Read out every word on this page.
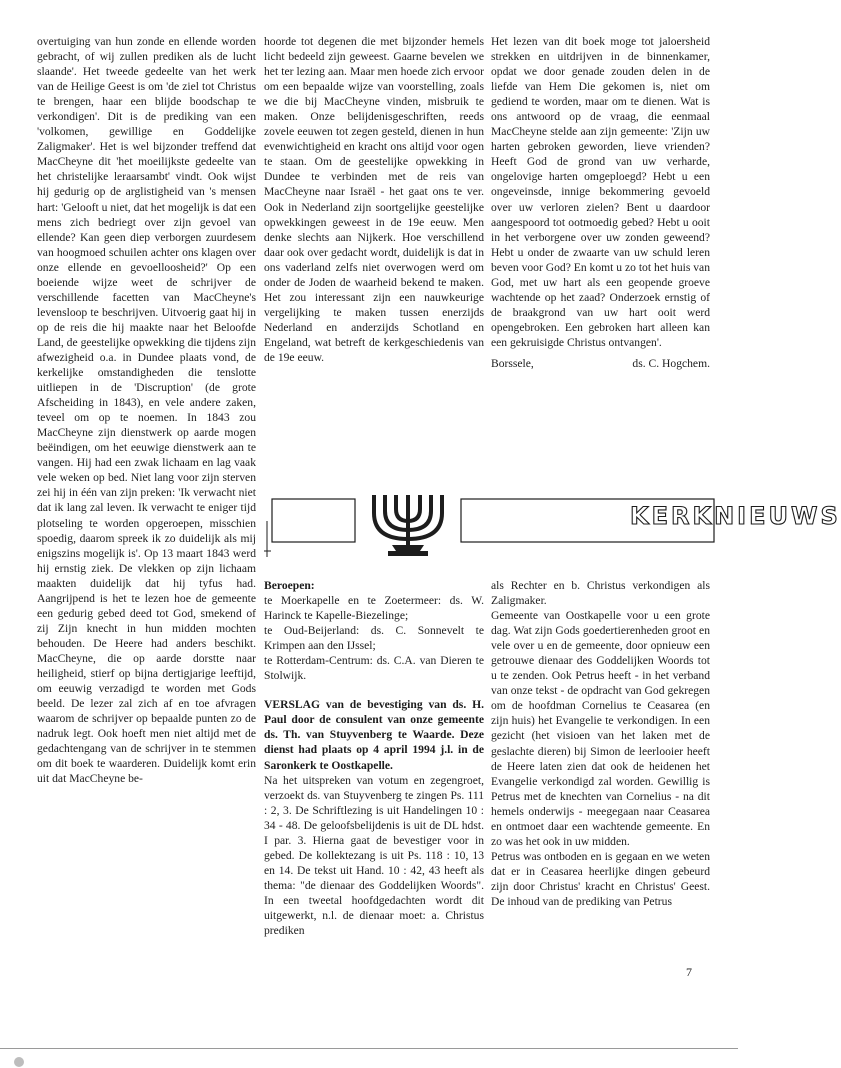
overtuiging van hun zonde en ellende worden gebracht, of wij zullen prediken als de lucht slaande'. Het tweede gedeelte van het werk van de Heilige Geest is om 'de ziel tot Christus te brengen, haar een blijde boodschap te verkondigen'. Dit is de prediking van een 'volkomen, gewillige en Goddelijke Zaligmaker'. Het is wel bijzonder treffend dat MacCheyne dit 'het moeilijkste gedeelte van het christelijke leraarsambt' vindt. Ook wijst hij gedurig op de arglistigheid van 's mensen hart: 'Gelooft u niet, dat het mogelijk is dat een mens zich bedriegt over zijn gevoel van ellende? Kan geen diep verborgen zuurdesem van hoogmoed schuilen achter ons klagen over onze ellende en gevoelloosheid?' Op een boeiende wijze weet de schrijver de verschillende facetten van MacCheyne's levensloop te beschrijven. Uitvoerig gaat hij in op de reis die hij maakte naar het Beloofde Land, de geestelijke opwekking die tijdens zijn afwezigheid o.a. in Dundee plaats vond, de kerkelijke omstandigheden die tenslotte uitliepen in de 'Discruption' (de grote Afscheiding in 1843), en vele andere zaken, teveel om op te noemen. In 1843 zou MacCheyne zijn dienstwerk op aarde mogen beëindigen, om het eeuwige dienstwerk aan te vangen. Hij had een zwak lichaam en lag vaak vele weken op bed. Niet lang voor zijn sterven zei hij in één van zijn preken: 'Ik verwacht niet dat ik lang zal leven. Ik verwacht te eniger tijd plotseling te worden opgeroepen, misschien spoedig, daarom spreek ik zo duidelijk als mij enigszins mogelijk is'. Op 13 maart 1843 werd hij ernstig ziek. De vlekken op zijn lichaam maakten duidelijk dat hij tyfus had. Aangrijpend is het te lezen hoe de gemeente een gedurig gebed deed tot God, smekend of zij Zijn knecht in hun midden mochten behouden. De Heere had anders beschikt. MacCheyne, die op aarde dorstte naar heiligheid, stierf op bijna dertigjarige leeftijd, om eeuwig verzadigd te worden met Gods beeld. De lezer zal zich af en toe afvragen waarom de schrijver op bepaalde punten zo de nadruk legt. Ook hoeft men niet altijd met de gedachtengang van de schrijver in te stemmen om dit boek te waarderen. Duidelijk komt erin uit dat MacCheyne be-

hoorde tot degenen die met bijzonder hemels licht bedeeld zijn geweest. Gaarne bevelen we het ter lezing aan. Maar men hoede zich ervoor om een bepaalde wijze van voorstelling, zoals we die bij MacCheyne vinden, misbruik te maken. Onze belijdenisgeschriften, reeds zovele eeuwen tot zegen gesteld, dienen in hun evenwichtigheid en kracht ons altijd voor ogen te staan. Om de geestelijke opwekking in Dundee te verbinden met de reis van MacCheyne naar Israël - het gaat ons te ver. Ook in Nederland zijn soortgelijke geestelijke opwekkingen geweest in de 19e eeuw. Men denke slechts aan Nijkerk. Hoe verschillend daar ook over gedacht wordt, duidelijk is dat in ons vaderland zelfs niet overwogen werd om onder de Joden de waarheid bekend te maken. Het zou interessant zijn een nauwkeurige vergelijking te maken tussen enerzijds Nederland en anderzijds Schotland en Engeland, wat betreft de kerkgeschiedenis van de 19e eeuw.

Het lezen van dit boek moge tot jaloersheid strekken en uitdrijven in de binnenkamer, opdat we door genade zouden delen in de liefde van Hem Die gekomen is, niet om gediend te worden, maar om te dienen. Wat is ons antwoord op de vraag, die eenmaal MacCheyne stelde aan zijn gemeente: 'Zijn uw harten gebroken geworden, lieve vrienden? Heeft God de grond van uw verharde, ongelovige harten omgeploegd? Hebt u een ongeveinsde, innige bekommering gevoeld over uw verloren zielen? Bent u daardoor aangespoord tot ootmoedig gebed? Hebt u ooit in het verborgene over uw zonden geweend? Hebt u onder de zwaarte van uw schuld leren beven voor God? En komt u zo tot het huis van God, met uw hart als een geopende groeve wachtende op het zaad? Onderzoek ernstig of de braakgrond van uw hart ooit werd opengebroken. Een gebroken hart alleen kan een gekruisigde Christus ontvangen'.

Borssele,	ds. C. Hogchem.
KERKNIEUWS

Beroepen:

te Moerkapelle en te Zoetermeer: ds. W. Harinck te Kapelle-Biezelinge;

te Oud-Beijerland: ds. C. Sonnevelt te Krimpen aan den IJssel;

te Rotterdam-Centrum: ds. C.A. van Dieren te Stolwijk.

VERSLAG van de bevestiging van ds. H. Paul door de consulent van onze gemeente ds. Th. van Stuyvenberg te Waarde. Deze dienst had plaats op 4 april 1994 j.l. in de Saronkerk te Oostkapelle.

Na het uitspreken van votum en zegengroet, verzoekt ds. van Stuyvenberg te zingen Ps. 111 : 2, 3. De Schriftlezing is uit Handelingen 10 : 34 - 48. De geloofsbelijdenis is uit de DL hdst. I par. 3. Hierna gaat de bevestiger voor in gebed. De kollektezang is uit Ps. 118 : 10, 13 en 14. De tekst uit Hand. 10 : 42, 43 heeft als thema: "de dienaar des Goddelijken Woords". In een tweetal hoofdgedachten wordt dit uitgewerkt, n.l. de dienaar moet: a. Christus prediken

als Rechter en b. Christus verkondigen als Zaligmaker.

Gemeente van Oostkapelle voor u een grote dag. Wat zijn Gods goedertierenheden groot en vele over u en de gemeente, door opnieuw een getrouwe dienaar des Goddelijken Woords tot u te zenden. Ook Petrus heeft - in het verband van onze tekst - de opdracht van God gekregen om de hoofdman Cornelius te Ceasarea (en zijn huis) het Evangelie te verkondigen. In een gezicht (het visioen van het laken met de geslachte dieren) bij Simon de leerlooier heeft de Heere laten zien dat ook de heidenen het Evangelie verkondigd zal worden. Gewillig is Petrus met de knechten van Cornelius - na dit hemels onderwijs - meegegaan naar Ceasarea en ontmoet daar een wachtende gemeente. En zo was het ook in uw midden.

Petrus was ontboden en is gegaan en we weten dat er in Ceasarea heerlijke dingen gebeurd zijn door Christus' kracht en Christus' Geest. De inhoud van de prediking van Petrus

7
